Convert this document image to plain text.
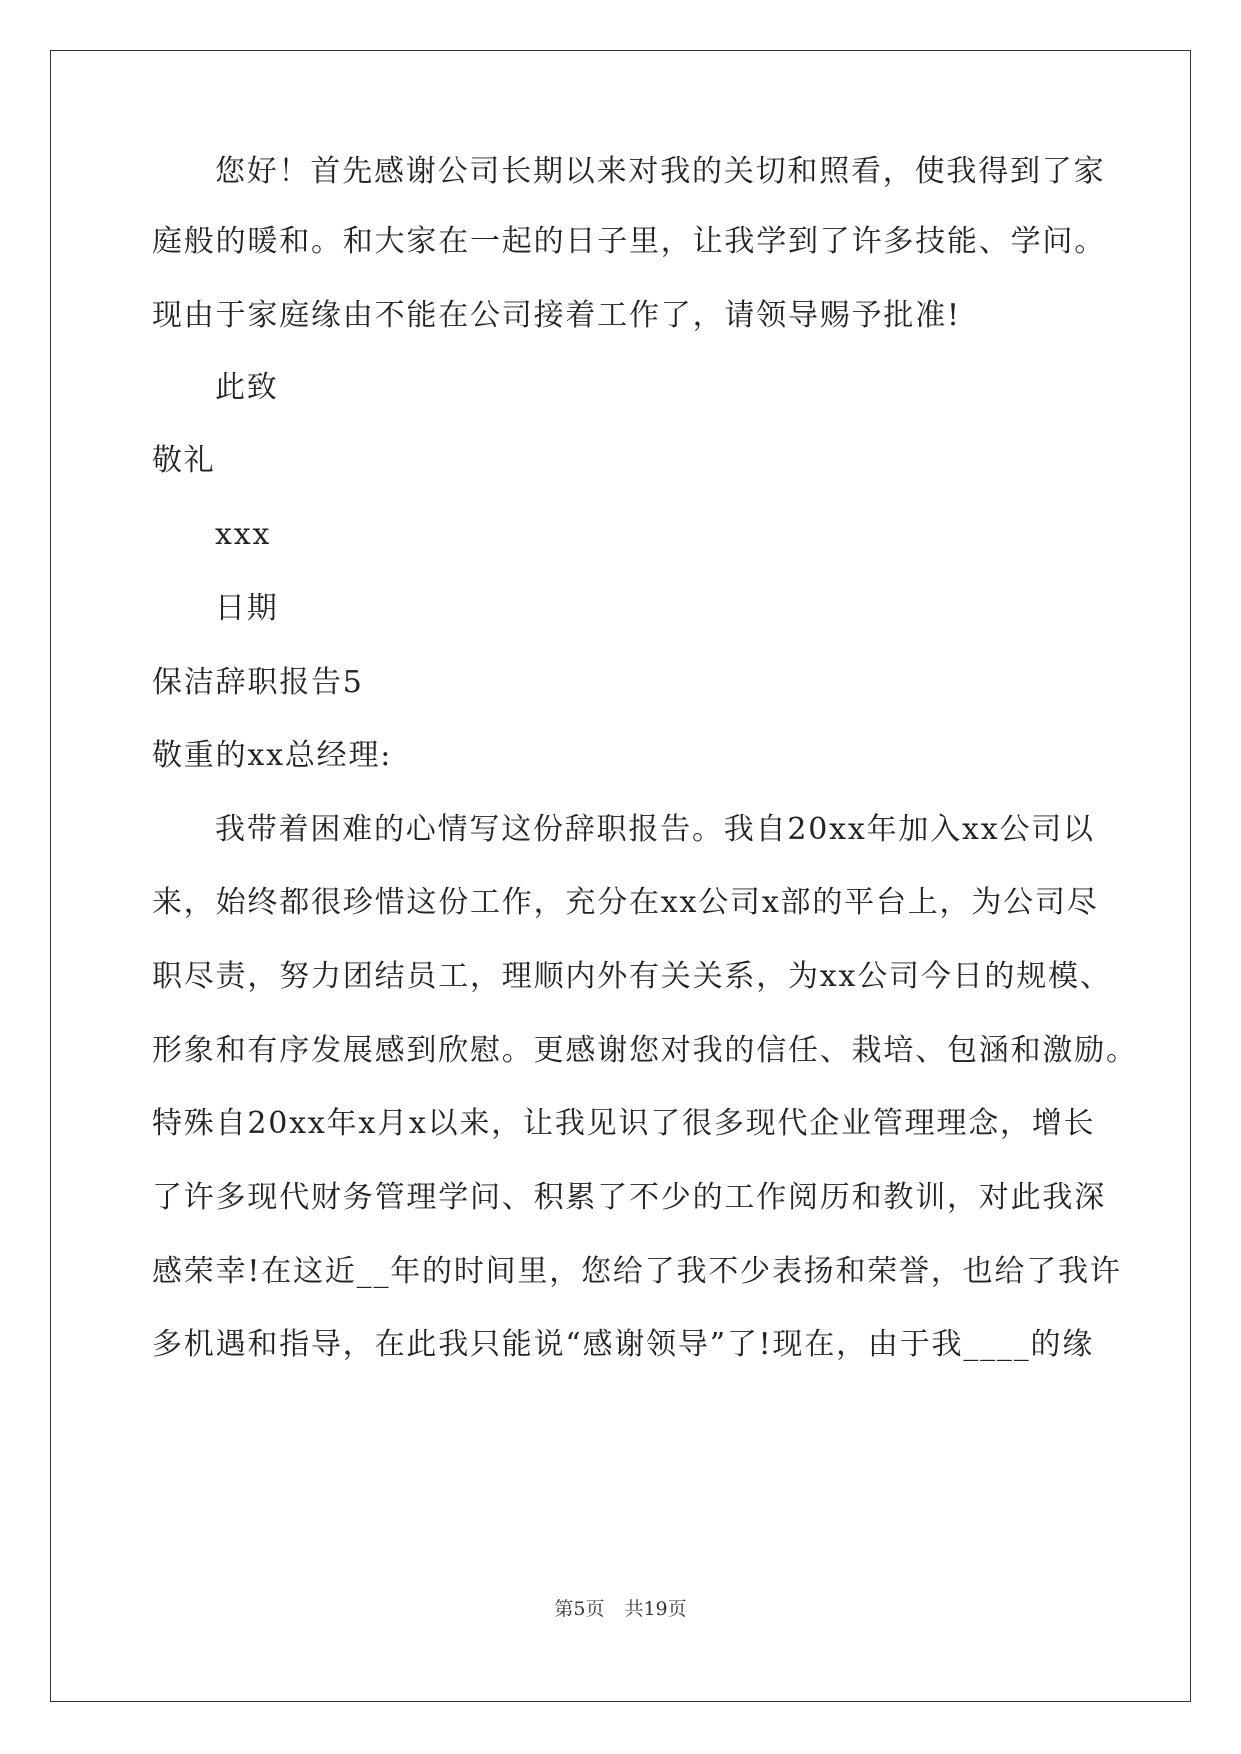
您好！首先感谢公司长期以来对我的关切和照看，使我得到了家

庭般的暖和。和大家在一起的日子里，让我学到了许多技能、学问。

现由于家庭缘由不能在公司接着工作了，请领导赐予批准!

此致

敬礼

xxx

日期

保洁辞职报告5

敬重的xx总经理:

我带着困难的心情写这份辞职报告。我自20xx年加入xx公司以

来，始终都很珍惜这份工作，充分在xx公司x部的平台上，为公司尽

职尽责，努力团结员工，理顺内外有关关系，为xx公司今日的规模、

形象和有序发展感到欣慰。更感谢您对我的信任、栽培、包涵和激励。

特殊自20xx年x月x以来，让我见识了很多现代企业管理理念，增长

了许多现代财务管理学问、积累了不少的工作阅历和教训，对此我深

感荣幸!在这近__年的时间里，您给了我不少表扬和荣誉，也给了我许

多机遇和指导，在此我只能说“感谢领导”了!现在，由于我____的缘

第5页 共19页
